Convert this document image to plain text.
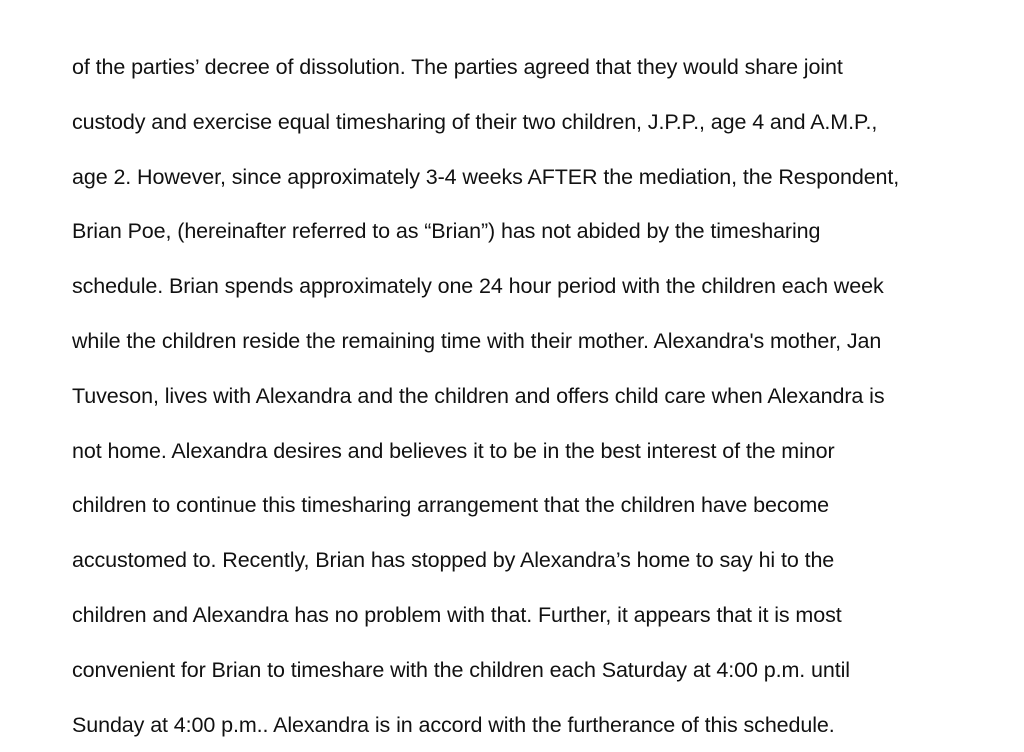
of the parties’ decree of dissolution. The parties agreed that they would share joint
custody and exercise equal timesharing of their two children, J.P.P., age 4 and A.M.P.,
age 2. However, since approximately 3-4 weeks AFTER the mediation, the Respondent,
Brian Poe, (hereinafter referred to as “Brian”) has not abided by the timesharing
schedule. Brian spends approximately one 24 hour period with the children each week
while the children reside the remaining time with their mother. Alexandra's mother, Jan
Tuveson, lives with Alexandra and the children and offers child care when Alexandra is
not home. Alexandra desires and believes it to be in the best interest of the minor
children to continue this timesharing arrangement that the children have become
accustomed to. Recently, Brian has stopped by Alexandra’s home to say hi to the
children and Alexandra has no problem with that. Further, it appears that it is most
convenient for Brian to timeshare with the children each Saturday at 4:00 p.m. until
Sunday at 4:00 p.m.. Alexandra is in accord with the furtherance of this schedule.
